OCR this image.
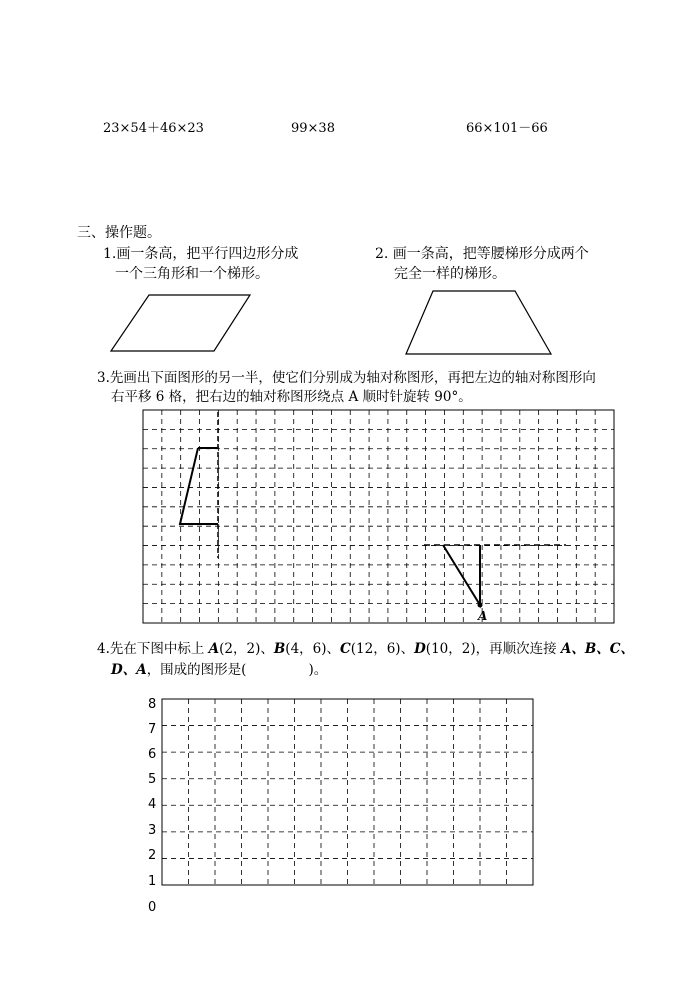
23×54＋46×23	99×38	66×101－66
三、操作题。
1.画一条高，把平行四边形分成
一个三角形和一个梯形。
2. 画一条高，把等腰梯形分成两个
完全一样的梯形。
3.先画出下面图形的另一半，使它们分别成为轴对称图形，再把左边的轴对称图形向
右平移 6 格，把右边的轴对称图形绕点 A 顺时针旋转 90°。
A
4.先在下图中标上 A(2，2)、B(4，6)、C(12，6)、D(10，2)，再顺次连接 A、B、C、
D、A，围成的图形是(	)。
8
7
6
5
4
3
2
1
0
